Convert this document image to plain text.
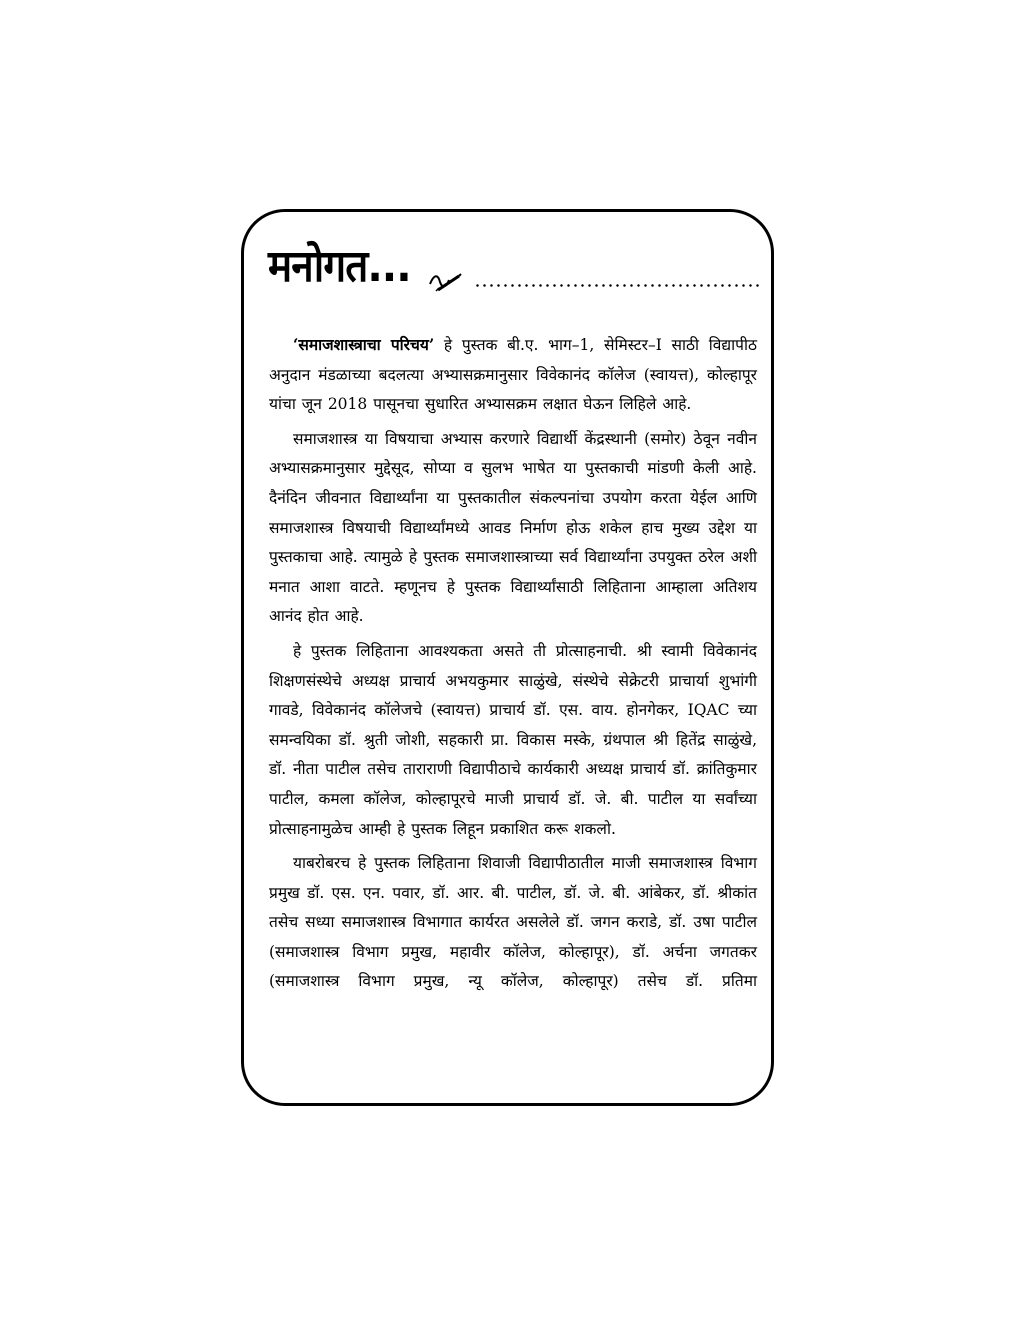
मनोगत...

‘समाजशास्त्राचा परिचय’ हे पुस्तक बी.ए. भाग–1, सेमिस्टर–I साठी विद्यापीठ अनुदान मंडळाच्या बदलत्या अभ्यासक्रमानुसार विवेकानंद कॉलेज (स्वायत्त), कोल्हापूर यांचा जून 2018 पासूनचा सुधारित अभ्यासक्रम लक्षात घेऊन लिहिले आहे.

समाजशास्त्र या विषयाचा अभ्यास करणारे विद्यार्थी केंद्रस्थानी (समोर) ठेवून नवीन अभ्यासक्रमानुसार मुद्देसूद, सोप्या व सुलभ भाषेत या पुस्तकाची मांडणी केली आहे. दैनंदिन जीवनात विद्यार्थ्यांना या पुस्तकातील संकल्पनांचा उपयोग करता येईल आणि समाजशास्त्र विषयाची विद्यार्थ्यांमध्ये आवड निर्माण होऊ शकेल हाच मुख्य उद्देश या पुस्तकाचा आहे. त्यामुळे हे पुस्तक समाजशास्त्राच्या सर्व विद्यार्थ्यांना उपयुक्त ठरेल अशी मनात आशा वाटते. म्हणूनच हे पुस्तक विद्यार्थ्यांसाठी लिहिताना आम्हाला अतिशय आनंद होत आहे.

हे पुस्तक लिहिताना आवश्यकता असते ती प्रोत्साहनाची. श्री स्वामी विवेकानंद शिक्षणसंस्थेचे अध्यक्ष प्राचार्य अभयकुमार साळुंखे, संस्थेचे सेक्रेटरी प्राचार्या शुभांगी गावडे, विवेकानंद कॉलेजचे (स्वायत्त) प्राचार्य डॉ. एस. वाय. होनगेकर, IQAC च्या समन्वयिका डॉ. श्रुती जोशी, सहकारी प्रा. विकास मस्के, ग्रंथपाल श्री हितेंद्र साळुंखे, डॉ. नीता पाटील तसेच ताराराणी विद्यापीठाचे कार्यकारी अध्यक्ष प्राचार्य डॉ. क्रांतिकुमार पाटील, कमला कॉलेज, कोल्हापूरचे माजी प्राचार्य डॉ. जे. बी. पाटील या सर्वांच्या प्रोत्साहनामुळेच आम्ही हे पुस्तक लिहून प्रकाशित करू शकलो.

याबरोबरच हे पुस्तक लिहिताना शिवाजी विद्यापीठातील माजी समाजशास्त्र विभाग प्रमुख डॉ. एस. एन. पवार, डॉ. आर. बी. पाटील, डॉ. जे. बी. आंबेकर, डॉ. श्रीकांत तसेच सध्या समाजशास्त्र विभागात कार्यरत असलेले डॉ. जगन कराडे, डॉ. उषा पाटील (समाजशास्त्र विभाग प्रमुख, महावीर कॉलेज, कोल्हापूर), डॉ. अर्चना जगतकर (समाजशास्त्र विभाग प्रमुख, न्यू कॉलेज, कोल्हापूर) तसेच डॉ. प्रतिमा
